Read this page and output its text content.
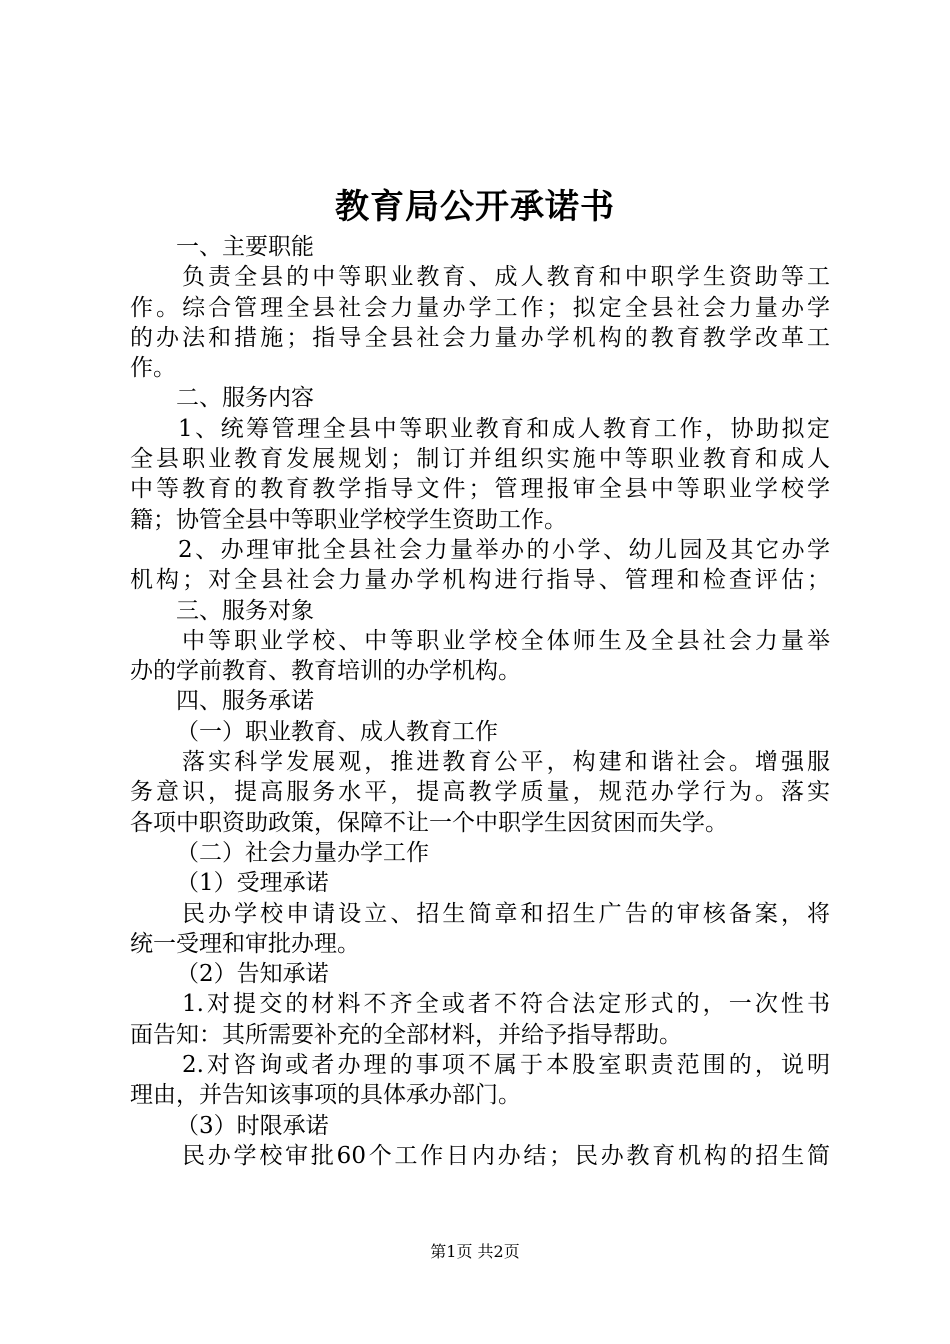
教育局公开承诺书
一、主要职能
负责全县的中等职业教育、成人教育和中职学生资助等工
作。综合管理全县社会力量办学工作；拟定全县社会力量办学
的办法和措施；指导全县社会力量办学机构的教育教学改革工
作。
二、服务内容
1、统筹管理全县中等职业教育和成人教育工作，协助拟定
全县职业教育发展规划；制订并组织实施中等职业教育和成人
中等教育的教育教学指导文件；管理报审全县中等职业学校学
籍；协管全县中等职业学校学生资助工作。
2、办理审批全县社会力量举办的小学、幼儿园及其它办学
机构；对全县社会力量办学机构进行指导、管理和检查评估；
三、服务对象
中等职业学校、中等职业学校全体师生及全县社会力量举
办的学前教育、教育培训的办学机构。
四、服务承诺
（一）职业教育、成人教育工作
落实科学发展观，推进教育公平，构建和谐社会。增强服
务意识，提高服务水平，提高教学质量，规范办学行为。落实
各项中职资助政策，保障不让一个中职学生因贫困而失学。
（二）社会力量办学工作
（1）受理承诺
民办学校申请设立、招生简章和招生广告的审核备案，将
统一受理和审批办理。
（2）告知承诺
1.对提交的材料不齐全或者不符合法定形式的，一次性书
面告知：其所需要补充的全部材料，并给予指导帮助。
2.对咨询或者办理的事项不属于本股室职责范围的，说明
理由，并告知该事项的具体承办部门。
（3）时限承诺
民办学校审批60个工作日内办结；民办教育机构的招生简
第1页 共2页
